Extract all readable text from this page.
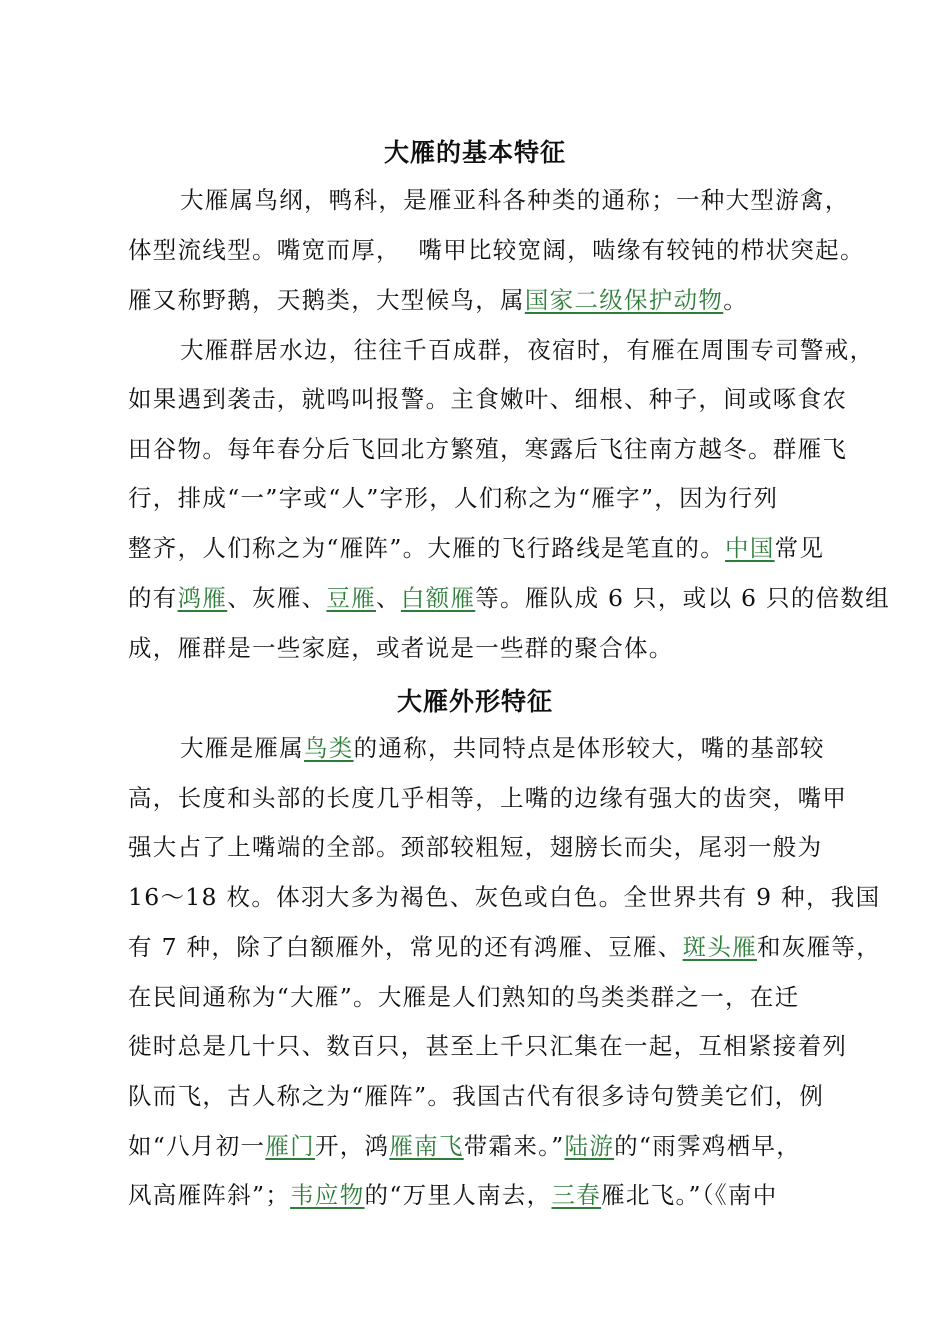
大雁的基本特征
大雁属鸟纲，鸭科，是雁亚科各种类的通称；一种大型游禽，
体型流线型。嘴宽而厚，  嘴甲比较宽阔，啮缘有较钝的栉状突起。
雁又称野鹅，天鹅类，大型候鸟，属国家二级保护动物。
大雁群居水边，往往千百成群，夜宿时，有雁在周围专司警戒，
如果遇到袭击，就鸣叫报警。主食嫩叶、细根、种子，间或啄食农
田谷物。每年春分后飞回北方繁殖，寒露后飞往南方越冬。群雁飞
行，排成“一”字或“人”字形，人们称之为“雁字”，因为行列
整齐，人们称之为“雁阵”。大雁的飞行路线是笔直的。中国常见
的有鸿雁、灰雁、豆雁、白额雁等。雁队成 6 只，或以 6 只的倍数组
成，雁群是一些家庭，或者说是一些群的聚合体。
大雁外形特征
大雁是雁属鸟类的通称，共同特点是体形较大，嘴的基部较
高，长度和头部的长度几乎相等，上嘴的边缘有强大的齿突，嘴甲
强大占了上嘴端的全部。颈部较粗短，翅膀长而尖，尾羽一般为
16～18 枚。体羽大多为褐色、灰色或白色。全世界共有 9 种，我国
有 7 种，除了白额雁外，常见的还有鸿雁、豆雁、斑头雁和灰雁等，
在民间通称为“大雁”。大雁是人们熟知的鸟类类群之一，在迁
徙时总是几十只、数百只，甚至上千只汇集在一起，互相紧接着列
队而飞，古人称之为“雁阵”。我国古代有很多诗句赞美它们，例
如“八月初一雁门开，鸿雁南飞带霜来。”陆游的“雨霁鸡栖早，
风高雁阵斜”；韦应物的“万里人南去，三春雁北飞。”（《南中
